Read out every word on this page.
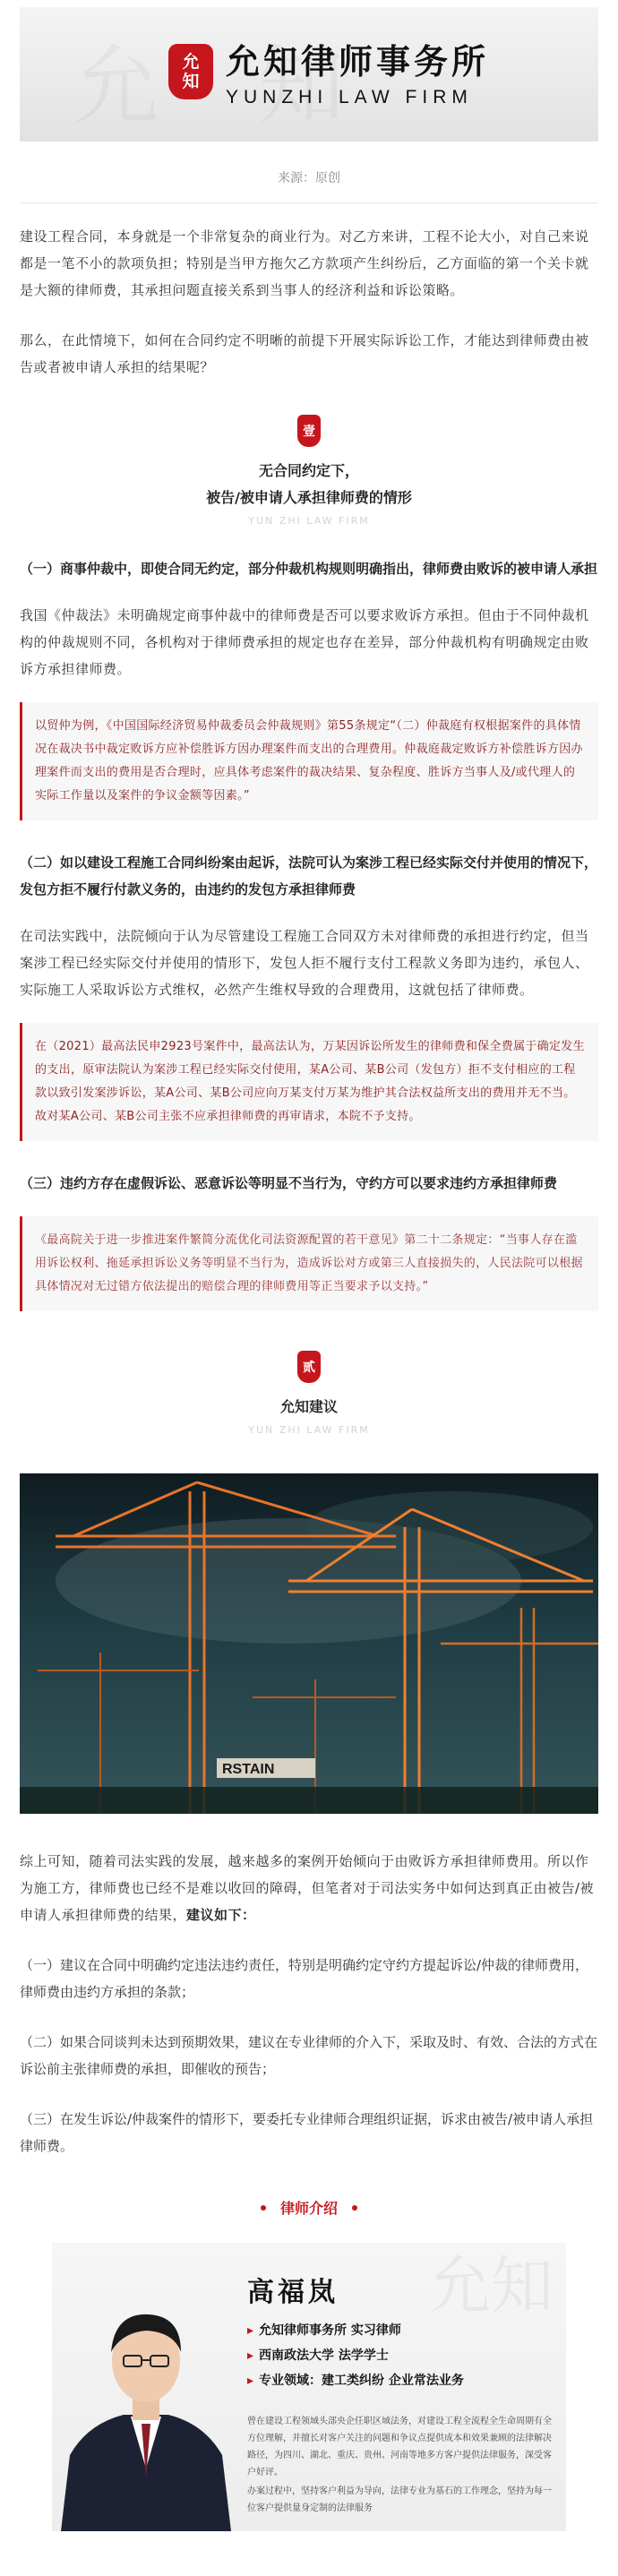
允
知 允知律师事务所
YUNZHI LAW FIRM
来源：原创

建设工程合同，本身就是一个非常复杂的商业行为。对乙方来讲，工程不论大小，对自己来说都是一笔不小的款项负担；特别是当甲方拖欠乙方款项产生纠纷后，乙方面临的第一个关卡就是大额的律师费，其承担问题直接关系到当事人的经济利益和诉讼策略。

那么，在此情境下，如何在合同约定不明晰的前提下开展实际诉讼工作，才能达到律师费由被告或者被申请人承担的结果呢？

壹
无合同约定下，
被告/被申请人承担律师费的情形
YUN ZHI LAW FIRM
（一）商事仲裁中，即使合同无约定，部分仲裁机构规则明确指出，律师费由败诉的被申请人承担

我国《仲裁法》未明确规定商事仲裁中的律师费是否可以要求败诉方承担。但由于不同仲裁机构的仲裁规则不同，各机构对于律师费承担的规定也存在差异，部分仲裁机构有明确规定由败诉方承担律师费。

以贸仲为例，《中国国际经济贸易仲裁委员会仲裁规则》第55条规定“（二）仲裁庭有权根据案件的具体情况在裁决书中裁定败诉方应补偿胜诉方因办理案件而支出的合理费用。仲裁庭裁定败诉方补偿胜诉方因办理案件而支出的费用是否合理时，应具体考虑案件的裁决结果、复杂程度、胜诉方当事人及/或代理人的实际工作量以及案件的争议金额等因素。”
（二）如以建设工程施工合同纠纷案由起诉，法院可认为案涉工程已经实际交付并使用的情况下，发包方拒不履行付款义务的，由违约的发包方承担律师费

在司法实践中，法院倾向于认为尽管建设工程施工合同双方未对律师费的承担进行约定，但当案涉工程已经实际交付并使用的情形下，发包人拒不履行支付工程款义务即为违约，承包人、实际施工人采取诉讼方式维权，必然产生维权导致的合理费用，这就包括了律师费。

在（2021）最高法民申2923号案件中，最高法认为，万某因诉讼所发生的律师费和保全费属于确定发生的支出，原审法院认为案涉工程已经实际交付使用，某A公司、某B公司（发包方）拒不支付相应的工程款以致引发案涉诉讼，某A公司、某B公司应向万某支付万某为维护其合法权益所支出的费用并无不当。故对某A公司、某B公司主张不应承担律师费的再审请求，本院不予支持。
（三）违约方存在虚假诉讼、恶意诉讼等明显不当行为，守约方可以要求违约方承担律师费
《最高院关于进一步推进案件繁简分流优化司法资源配置的若干意见》第二十二条规定：“当事人存在滥用诉讼权利、拖延承担诉讼义务等明显不当行为，造成诉讼对方或第三人直接损失的，人民法院可以根据具体情况对无过错方依法提出的赔偿合理的律师费用等正当要求予以支持。”
贰
允知建议
YUN ZHI LAW FIRM
RSTAIN

综上可知，随着司法实践的发展，越来越多的案例开始倾向于由败诉方承担律师费用。所以作为施工方，律师费也已经不是难以收回的障碍，但笔者对于司法实务中如何达到真正由被告/被申请人承担律师费的结果，建议如下：

（一）建议在合同中明确约定违法违约责任，特别是明确约定守约方提起诉讼/仲裁的律师费用，律师费由违约方承担的条款；

（二）如果合同谈判未达到预期效果，建议在专业律师的介入下，采取及时、有效、合法的方式在诉讼前主张律师费的承担，即催收的预告；

（三）在发生诉讼/仲裁案件的情形下，要委托专业律师合理组织证据，诉求由被告/被申请人承担律师费。

律师介绍
允知
高福岚
▸ 允知律师事务所 实习律师
▸ 西南政法大学 法学学士
▸ 专业领域：建工类纠纷 企业常法业务
曾在建设工程领域头部央企任职区域法务，对建设工程全流程全生命周期有全方位理解，并擅长对客户关注的问题和争议点提供成本和效果兼顾的法律解决路径，为四川、湖北、重庆、贵州、河南等地多方客户提供法律服务，深受客户好评。
办案过程中，坚持客户利益为导向，法律专业为基石的工作理念，坚持为每一位客户提供量身定制的法律服务
